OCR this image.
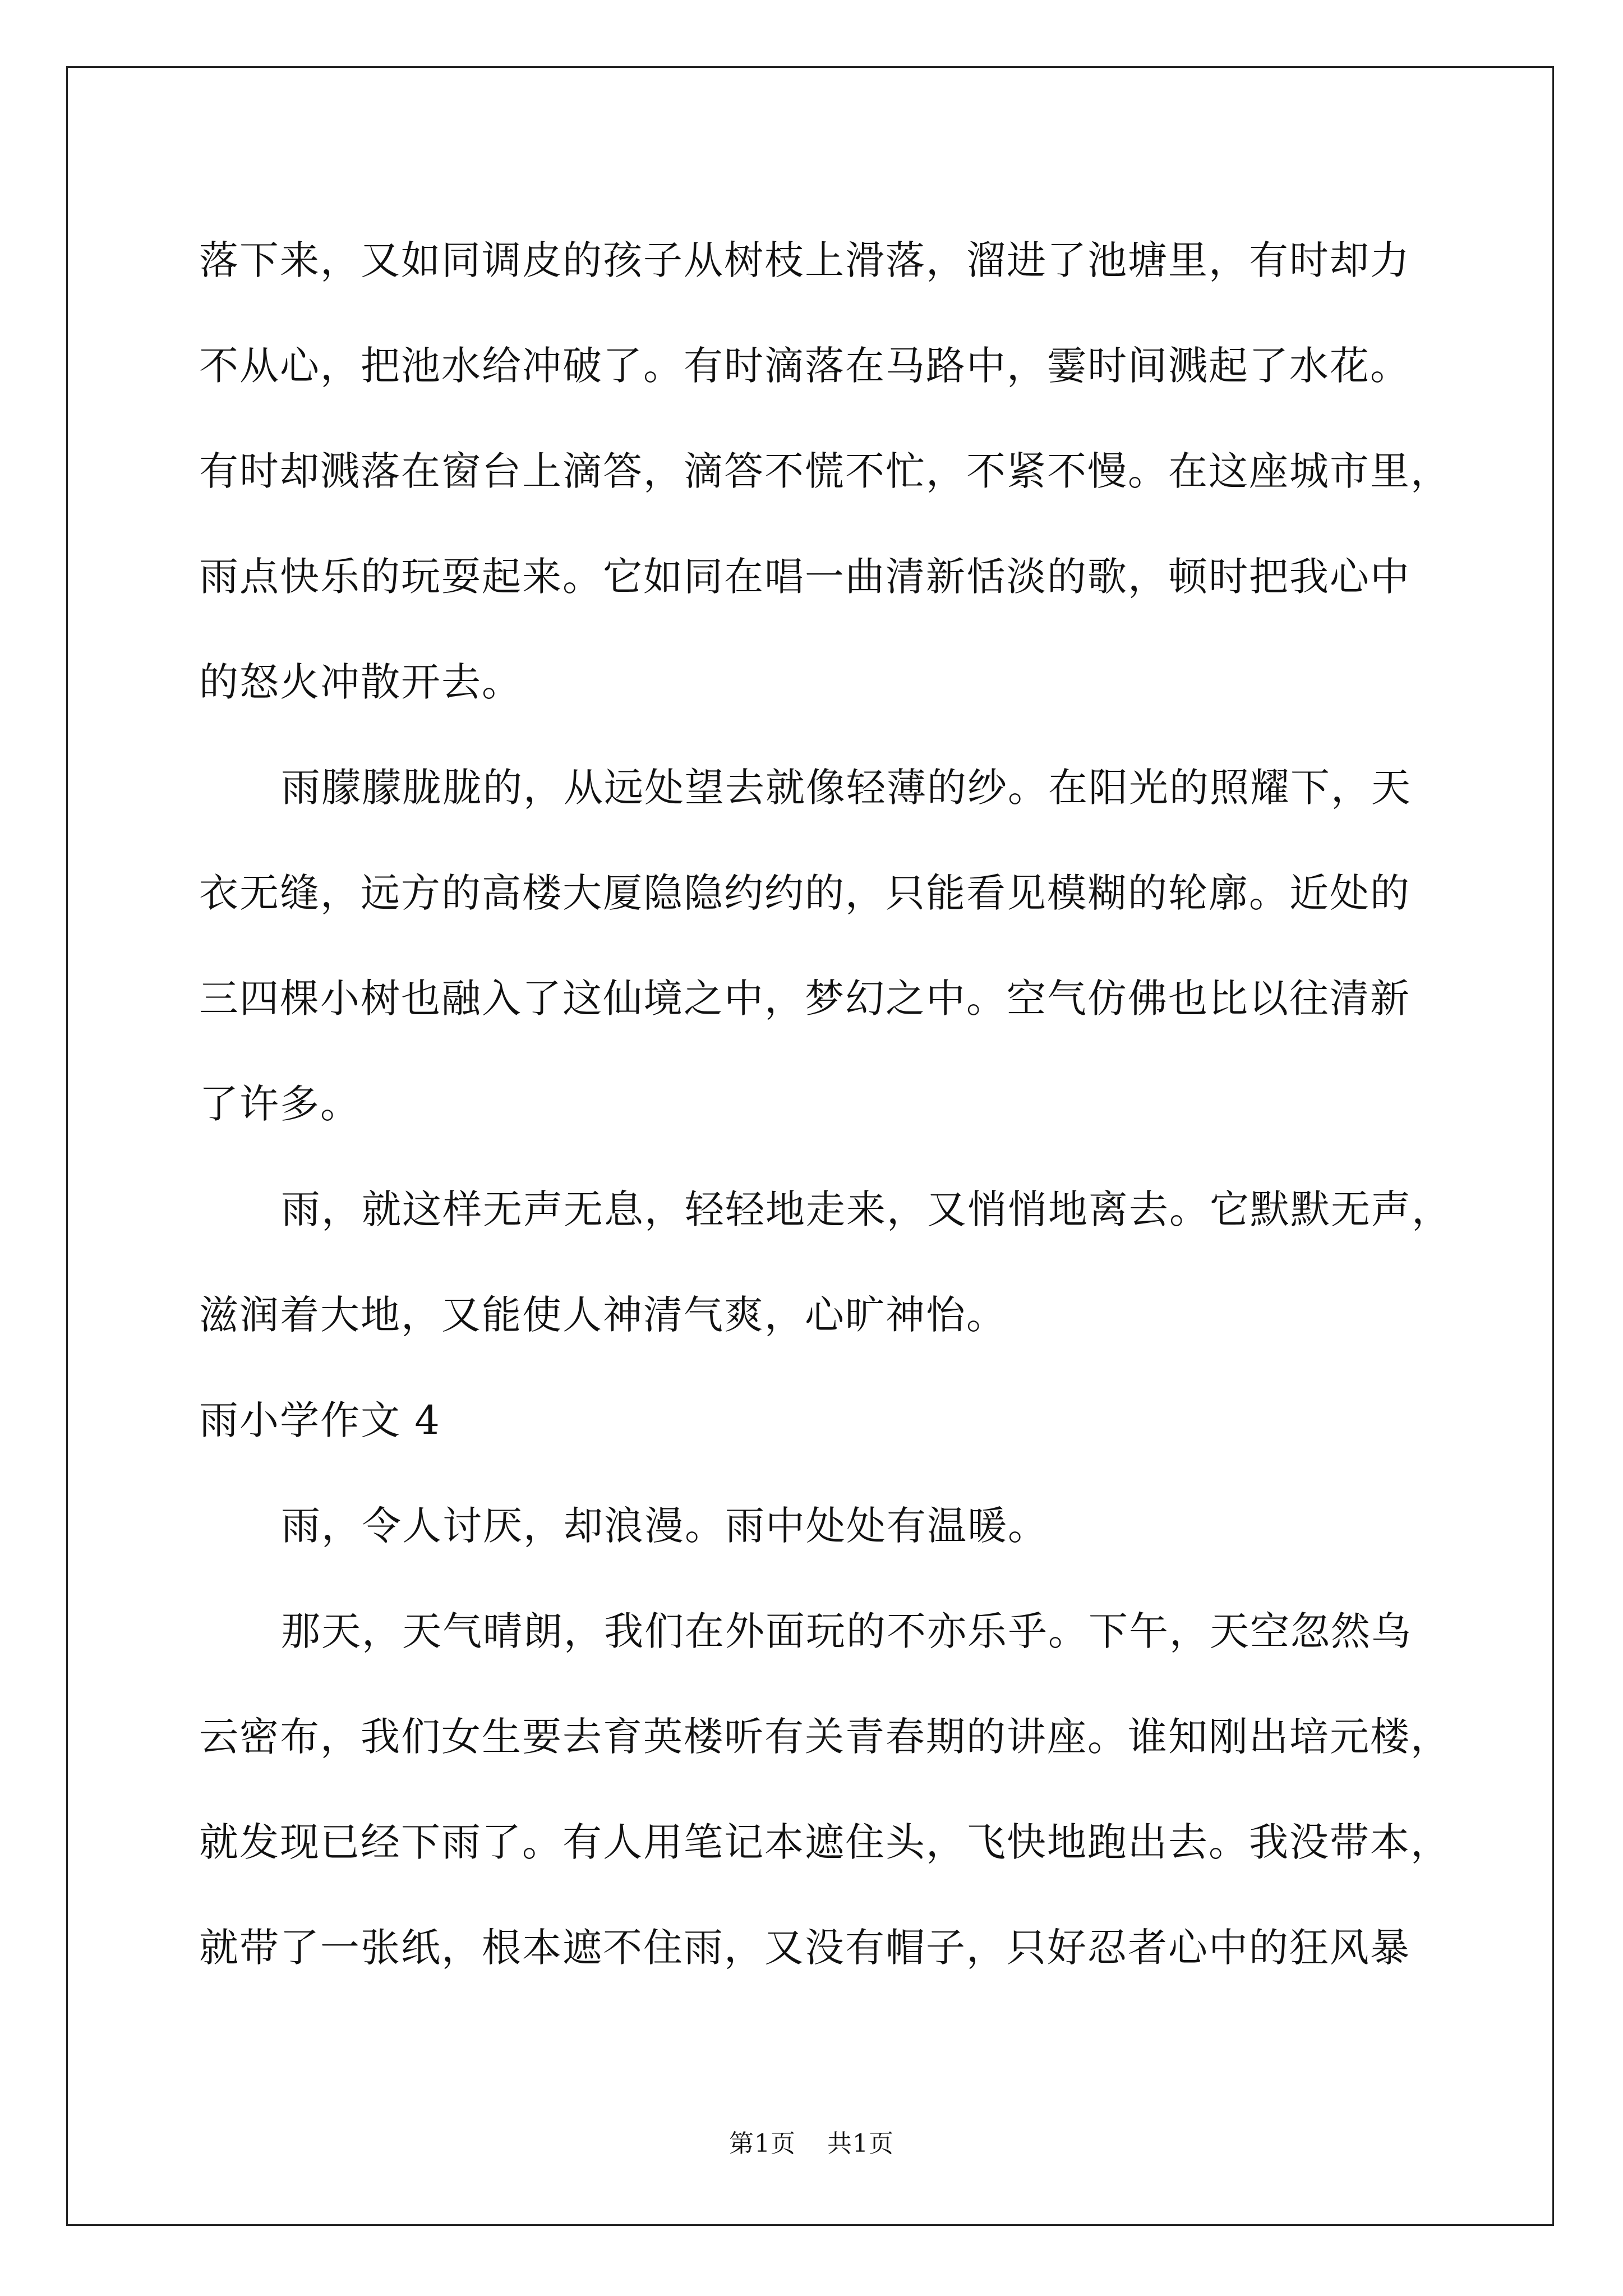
落下来，又如同调皮的孩子从树枝上滑落，溜进了池塘里，有时却力
不从心，把池水给冲破了。有时滴落在马路中，霎时间溅起了水花。
有时却溅落在窗台上滴答，滴答不慌不忙，不紧不慢。在这座城市里，
雨点快乐的玩耍起来。它如同在唱一曲清新恬淡的歌，顿时把我心中
的怒火冲散开去。
雨朦朦胧胧的，从远处望去就像轻薄的纱。在阳光的照耀下，天
衣无缝，远方的高楼大厦隐隐约约的，只能看见模糊的轮廓。近处的
三四棵小树也融入了这仙境之中，梦幻之中。空气仿佛也比以往清新
了许多。
雨，就这样无声无息，轻轻地走来，又悄悄地离去。它默默无声，
滋润着大地，又能使人神清气爽，心旷神怡。
雨小学作文 4
雨，令人讨厌，却浪漫。雨中处处有温暖。
那天，天气晴朗，我们在外面玩的不亦乐乎。下午，天空忽然乌
云密布，我们女生要去育英楼听有关青春期的讲座。谁知刚出培元楼，
就发现已经下雨了。有人用笔记本遮住头，飞快地跑出去。我没带本，
就带了一张纸，根本遮不住雨，又没有帽子，只好忍者心中的狂风暴
第1页 共1页
